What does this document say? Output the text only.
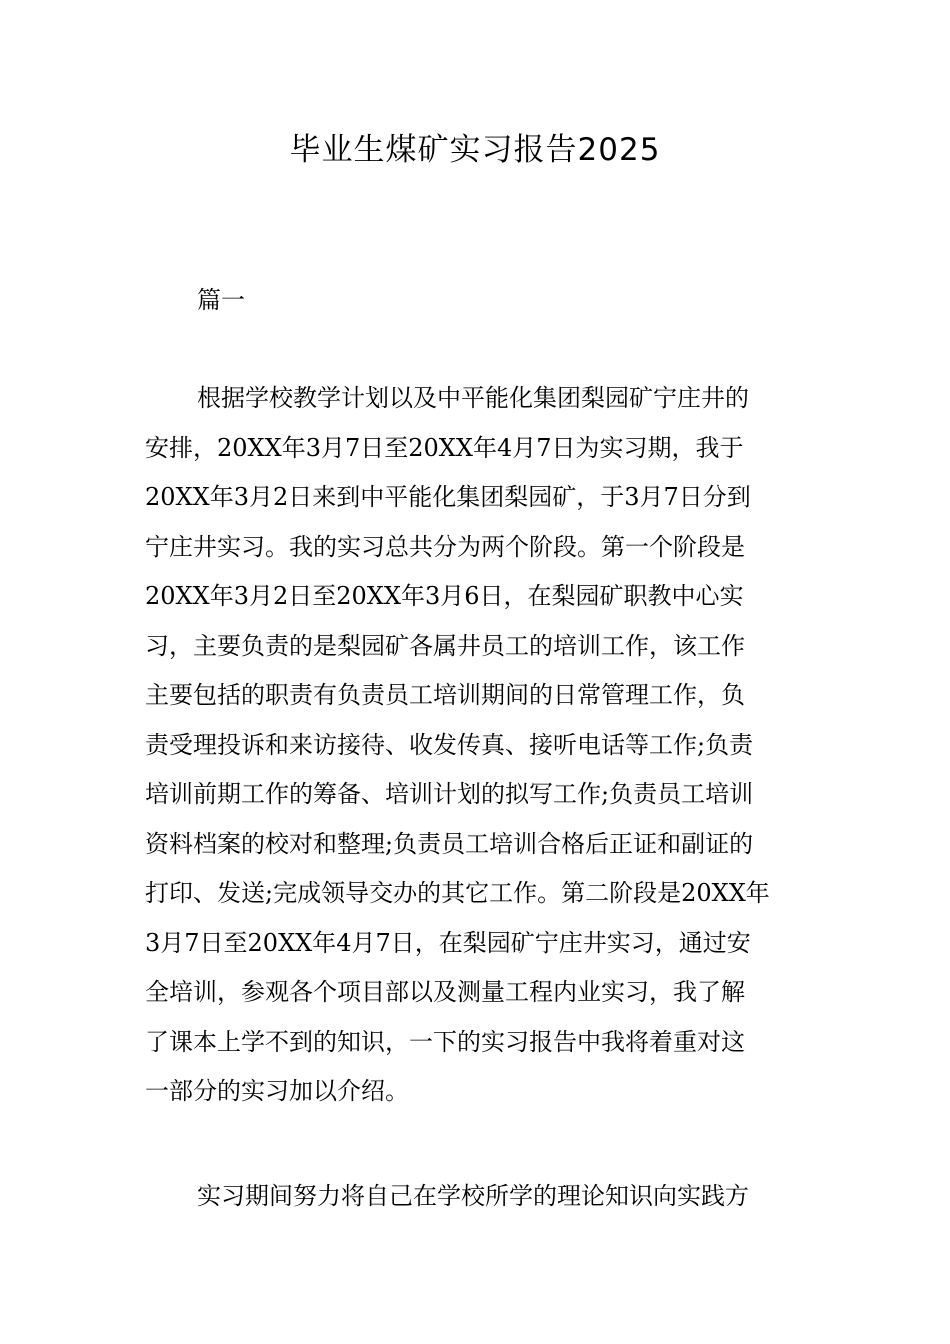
毕业生煤矿实习报告2025

篇一

根据学校教学计划以及中平能化集团梨园矿宁庄井的
安排，20XX年3月7日至20XX年4月7日为实习期，我于
20XX年3月2日来到中平能化集团梨园矿，于3月7日分到
宁庄井实习。我的实习总共分为两个阶段。第一个阶段是
20XX年3月2日至20XX年3月6日，在梨园矿职教中心实
习，主要负责的是梨园矿各属井员工的培训工作，该工作
主要包括的职责有负责员工培训期间的日常管理工作，负
责受理投诉和来访接待、收发传真、接听电话等工作;负责
培训前期工作的筹备、培训计划的拟写工作;负责员工培训
资料档案的校对和整理;负责员工培训合格后正证和副证的
打印、发送;完成领导交办的其它工作。第二阶段是20XX年
3月7日至20XX年4月7日，在梨园矿宁庄井实习，通过安
全培训，参观各个项目部以及测量工程内业实习，我了解
了课本上学不到的知识，一下的实习报告中我将着重对这
一部分的实习加以介绍。
实习期间努力将自己在学校所学的理论知识向实践方
